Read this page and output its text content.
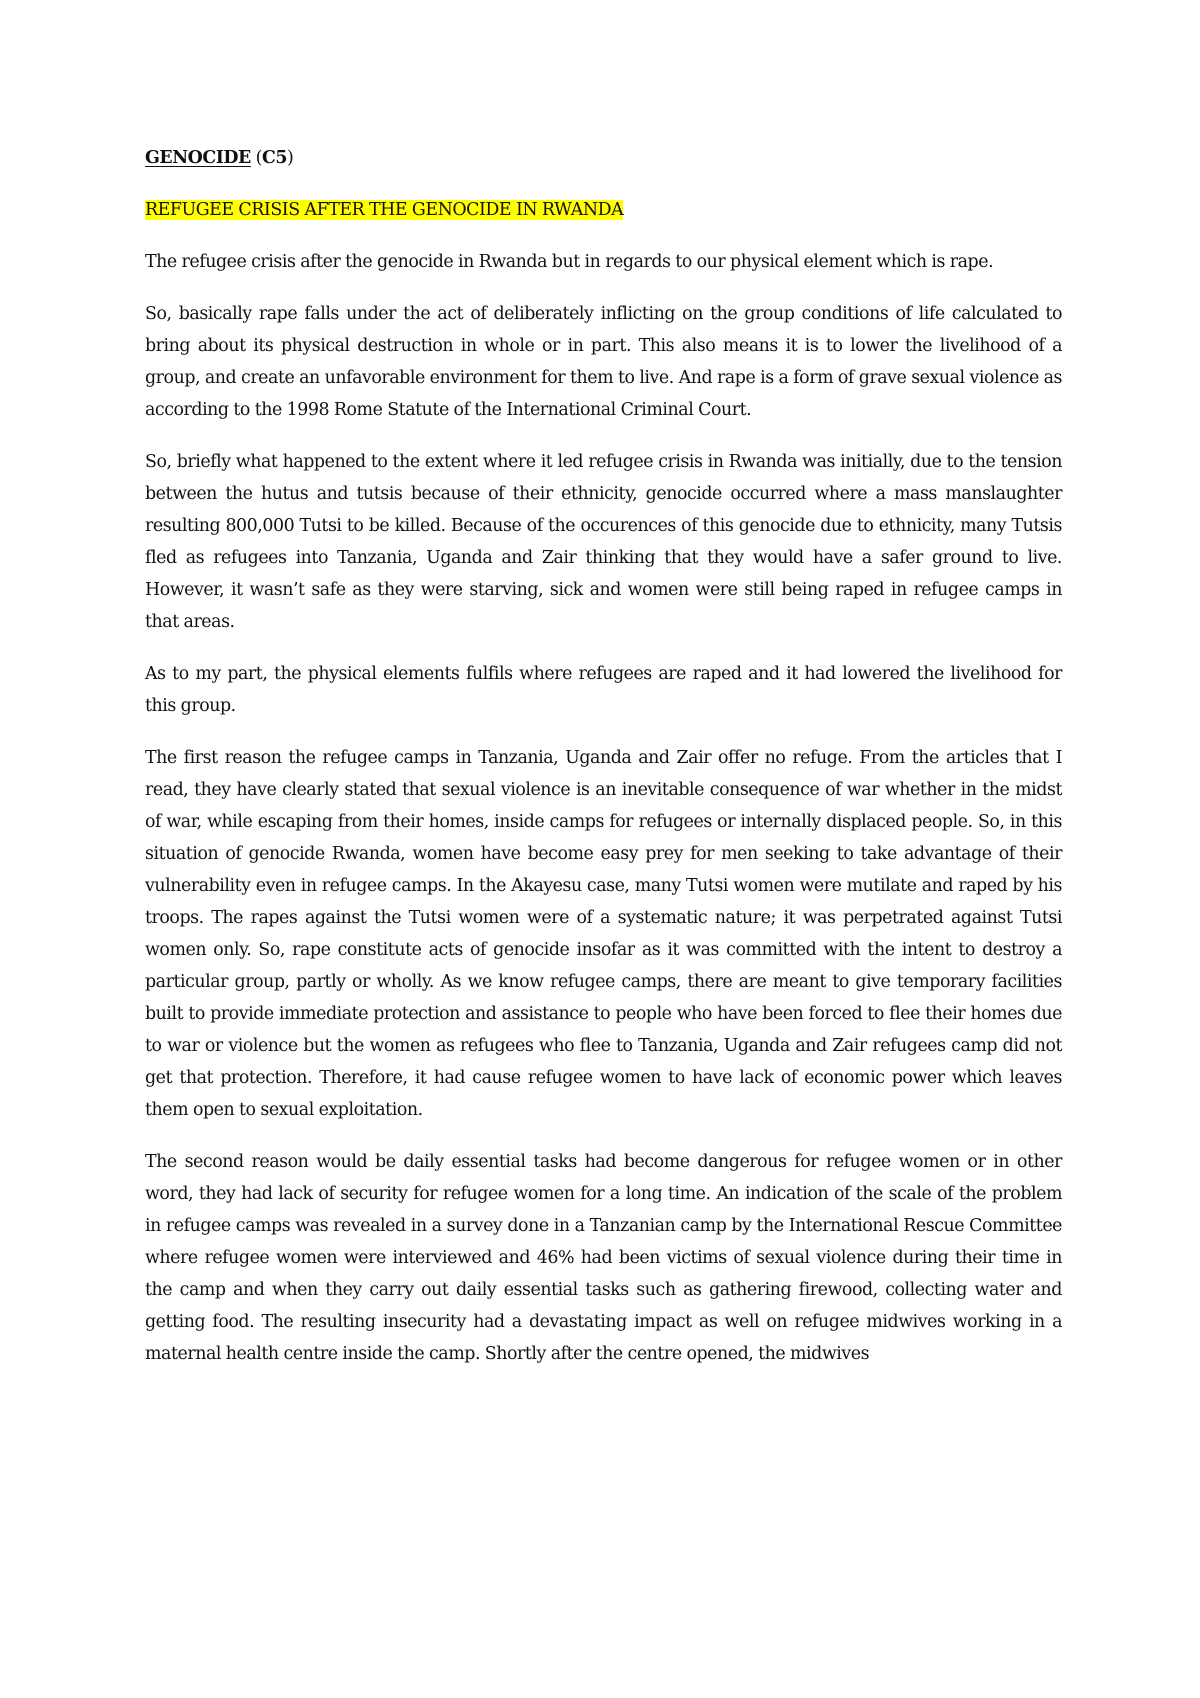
GENOCIDE (C5)
REFUGEE CRISIS AFTER THE GENOCIDE IN RWANDA

The refugee crisis after the genocide in Rwanda but in regards to our physical element which is rape.

So, basically rape falls under the act of deliberately inflicting on the group conditions of life calculated to bring about its physical destruction in whole or in part. This also means it is to lower the livelihood of a group, and create an unfavorable environment for them to live. And rape is a form of grave sexual violence as according to the 1998 Rome Statute of the International Criminal Court.

So, briefly what happened to the extent where it led refugee crisis in Rwanda was initially, due to the tension between the hutus and tutsis because of their ethnicity, genocide occurred where a mass manslaughter resulting 800,000 Tutsi to be killed. Because of the occurences of this genocide due to ethnicity, many Tutsis fled as refugees into Tanzania, Uganda and Zair thinking that they would have a safer ground to live. However, it wasn’t safe as they were starving, sick and women were still being raped in refugee camps in that areas.

As to my part, the physical elements fulfils where refugees are raped and it had lowered the livelihood for this group.

The first reason the refugee camps in Tanzania, Uganda and Zair offer no refuge. From the articles that I read, they have clearly stated that sexual violence is an inevitable consequence of war whether in the midst of war, while escaping from their homes, inside camps for refugees or internally displaced people. So, in this situation of genocide Rwanda, women have become easy prey for men seeking to take advantage of their vulnerability even in refugee camps. In the Akayesu case, many Tutsi women were mutilate and raped by his troops. The rapes against the Tutsi women were of a systematic nature; it was perpetrated against Tutsi women only. So, rape constitute acts of genocide insofar as it was committed with the intent to destroy a particular group, partly or wholly. As we know refugee camps, there are meant to give temporary facilities built to provide immediate protection and assistance to people who have been forced to flee their homes due to war or violence but the women as refugees who flee to Tanzania, Uganda and Zair refugees camp did not get that protection. Therefore, it had cause refugee women to have lack of economic power which leaves them open to sexual exploitation.

The second reason would be daily essential tasks had become dangerous for refugee women or in other word, they had lack of security for refugee women for a long time. An indication of the scale of the problem in refugee camps was revealed in a survey done in a Tanzanian camp by the International Rescue Committee where refugee women were interviewed and 46% had been victims of sexual violence during their time in the camp and when they carry out daily essential tasks such as gathering firewood, collecting water and getting food. The resulting insecurity had a devastating impact as well on refugee midwives working in a maternal health centre inside the camp. Shortly after the centre opened, the midwives
